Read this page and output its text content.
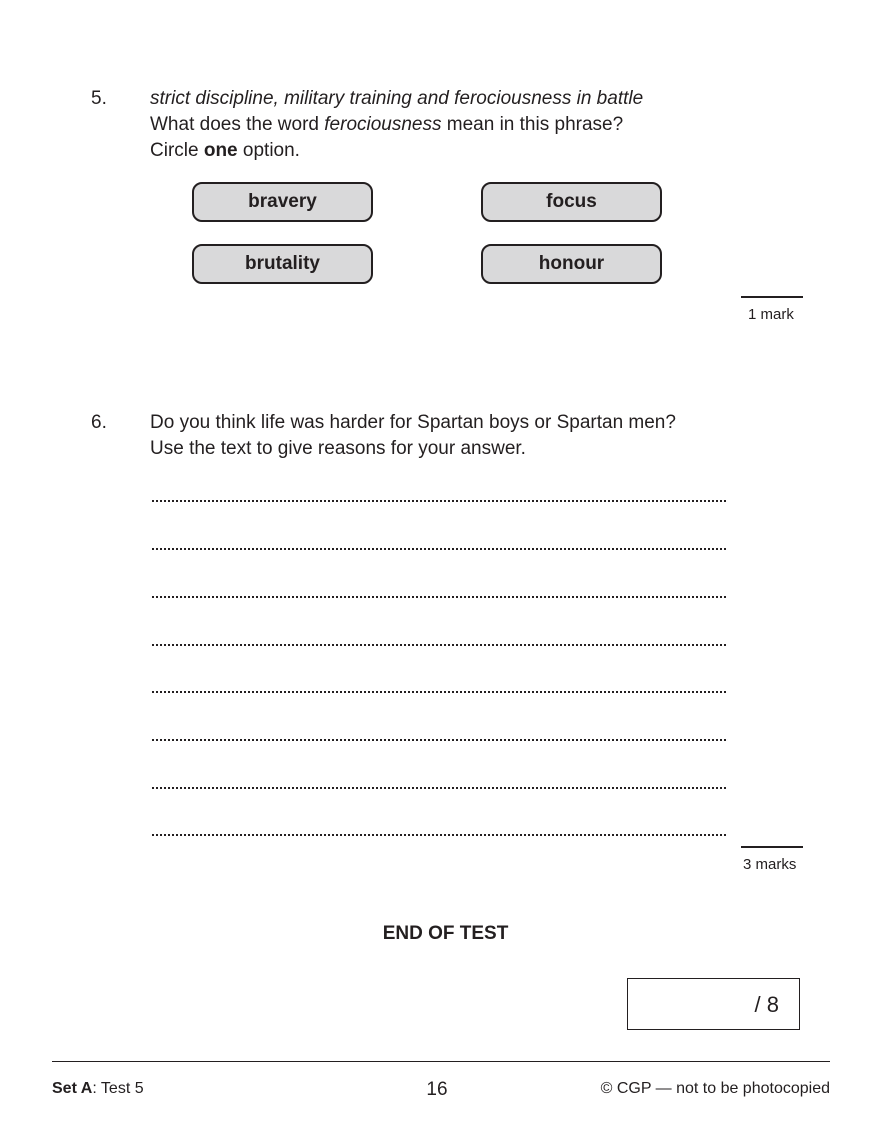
5. strict discipline, military training and ferociousness in battle
What does the word ferociousness mean in this phrase?
Circle one option.
bravery	focus
brutality	honour
1 mark
6. Do you think life was harder for Spartan boys or Spartan men?
Use the text to give reasons for your answer.
3 marks
END OF TEST
/ 8
Set A: Test 5	16	© CGP — not to be photocopied
